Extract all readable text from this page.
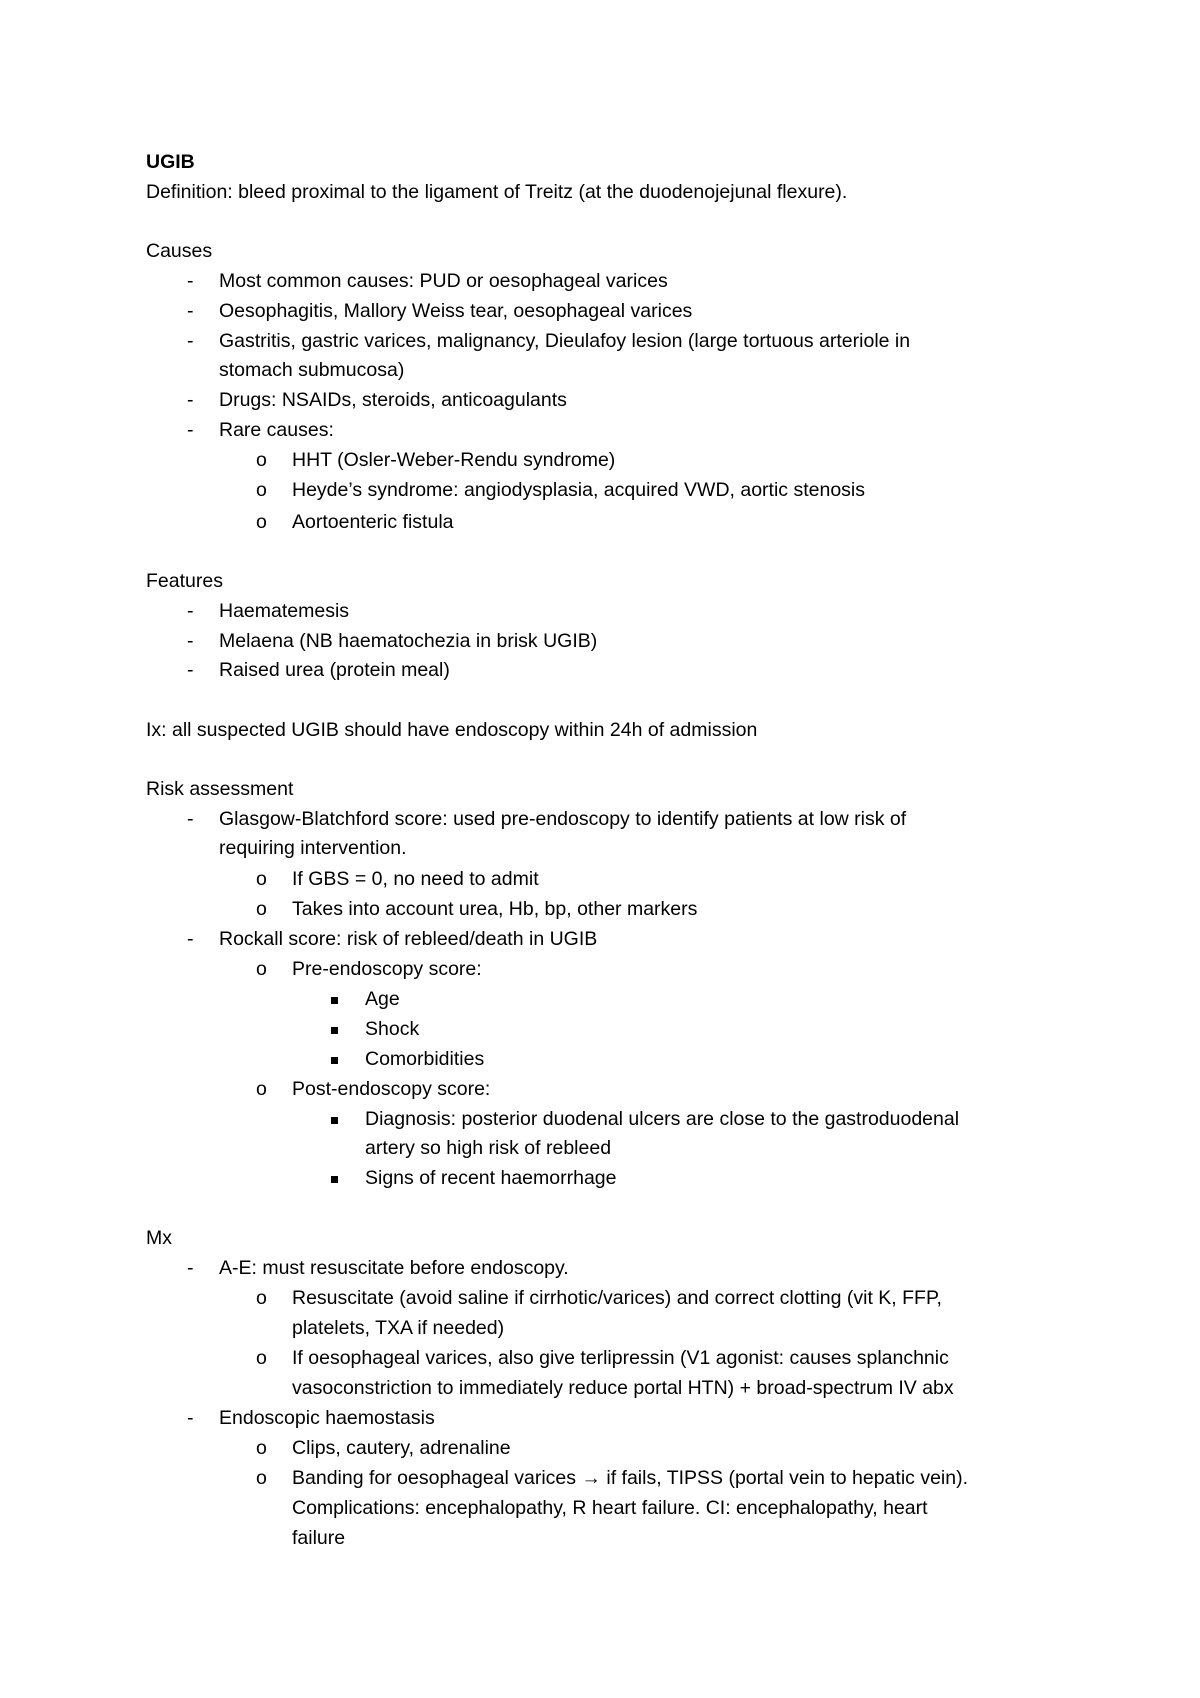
UGIB
Definition: bleed proximal to the ligament of Treitz (at the duodenojejunal flexure).
Causes
- Most common causes: PUD or oesophageal varices
- Oesophagitis, Mallory Weiss tear, oesophageal varices
- Gastritis, gastric varices, malignancy, Dieulafoy lesion (large tortuous arteriole in
stomach submucosa)
- Drugs: NSAIDs, steroids, anticoagulants
- Rare causes:
o HHT (Osler-Weber-Rendu syndrome)
o Heyde’s syndrome: angiodysplasia, acquired VWD, aortic stenosis
o Aortoenteric fistula
Features
- Haematemesis
- Melaena (NB haematochezia in brisk UGIB)
- Raised urea (protein meal)
Ix: all suspected UGIB should have endoscopy within 24h of admission
Risk assessment
- Glasgow-Blatchford score: used pre-endoscopy to identify patients at low risk of
requiring intervention.
o If GBS = 0, no need to admit
o Takes into account urea, Hb, bp, other markers
- Rockall score: risk of rebleed/death in UGIB
o Pre-endoscopy score:
Age
Shock
Comorbidities
o Post-endoscopy score:
Diagnosis: posterior duodenal ulcers are close to the gastroduodenal
artery so high risk of rebleed
Signs of recent haemorrhage
Mx
- A-E: must resuscitate before endoscopy.
o Resuscitate (avoid saline if cirrhotic/varices) and correct clotting (vit K, FFP,
platelets, TXA if needed)
o If oesophageal varices, also give terlipressin (V1 agonist: causes splanchnic
vasoconstriction to immediately reduce portal HTN) + broad-spectrum IV abx
- Endoscopic haemostasis
o Clips, cautery, adrenaline
o Banding for oesophageal varices → if fails, TIPSS (portal vein to hepatic vein).
Complications: encephalopathy, R heart failure. CI: encephalopathy, heart
failure
